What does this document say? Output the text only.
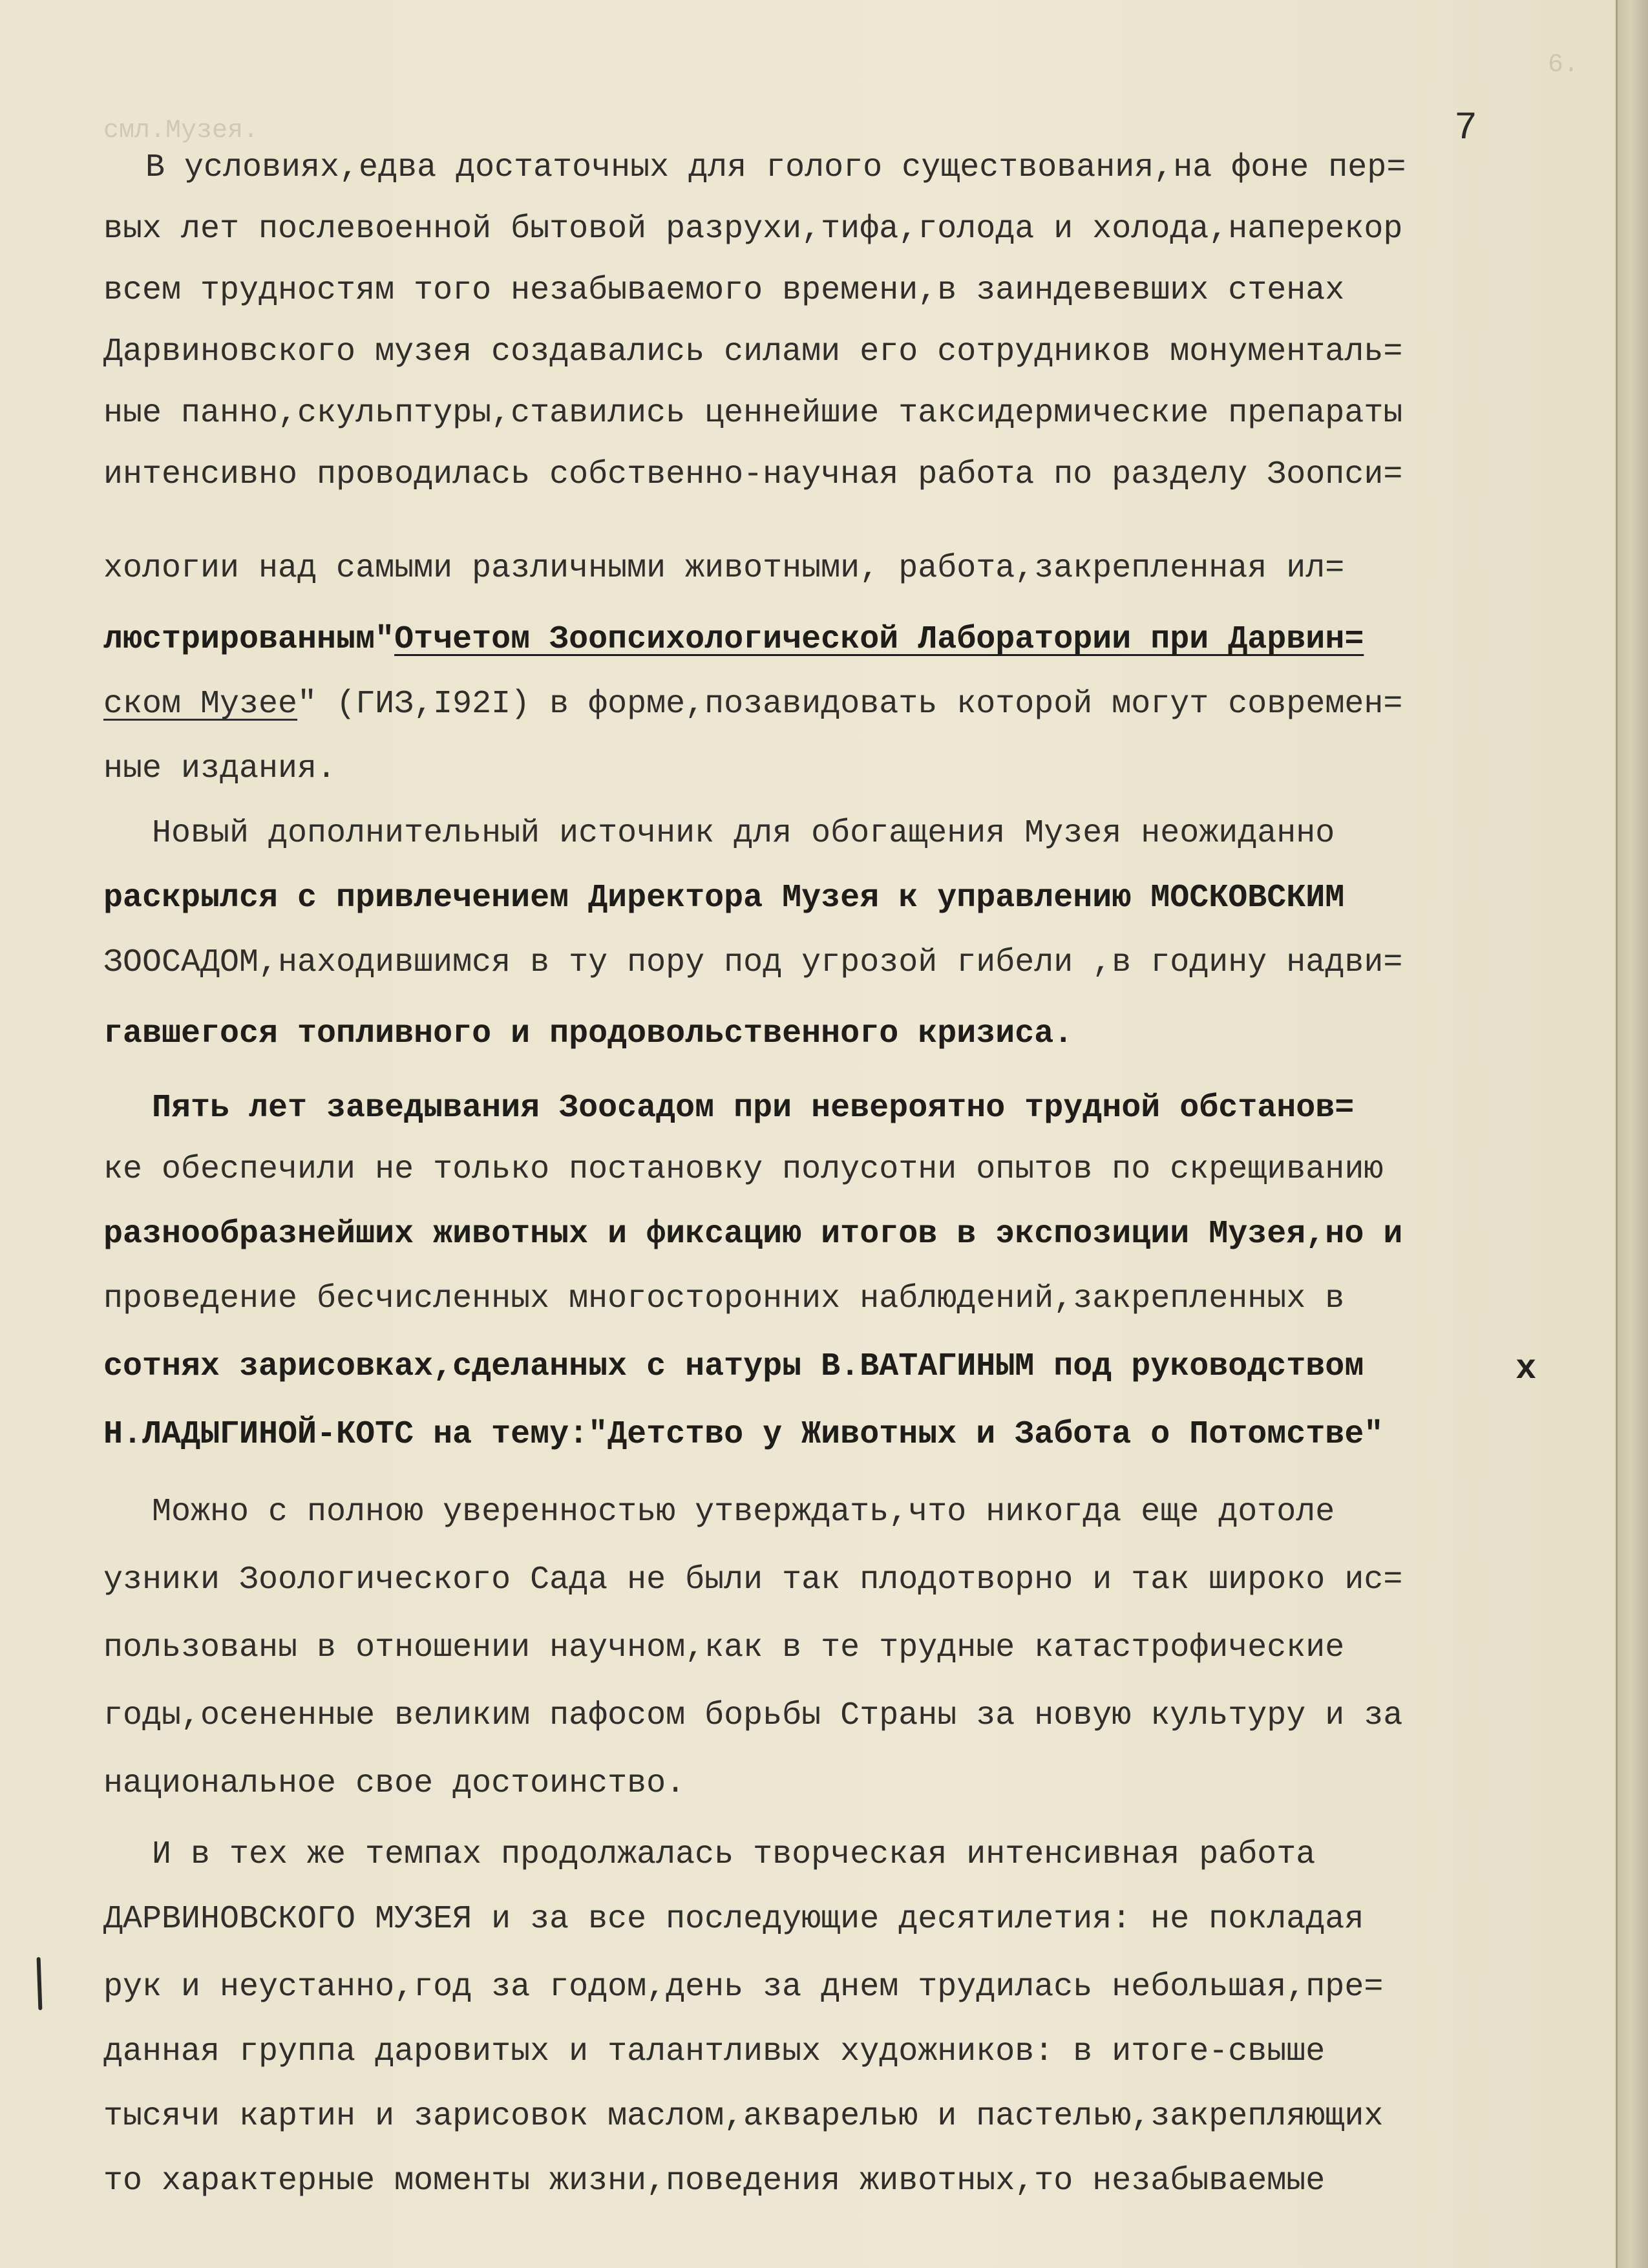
6.
смл.Музея.	7
В условиях,едва достаточных для голого существования,на фоне пер=
вых лет послевоенной бытовой разрухи,тифа,голода и холода,наперекор
всем трудностям того незабываемого времени,в заиндевевших стенах
Дарвиновского музея создавались силами его сотрудников монументаль=
ные панно,скульптуры,ставились ценнейшие таксидермические препараты
интенсивно проводилась собственно-научная работа по разделу Зоопси=
хологии над самыми различными животными, работа,закрепленная ил=
люстрированным"Отчетом Зоопсихологической Лаборатории при Дарвин=
ском Музее" (ГИЗ,I92I) в форме,позавидовать которой могут современ=
ные издания.
Новый дополнительный источник для обогащения Музея неожиданно
раскрылся с привлечением Директора Музея к управлению МОСКОВСКИМ
ЗООСАДОМ,находившимся в ту пору под угрозой гибели ,в годину надви=
гавшегося топливного и продовольственного кризиса.
Пять лет заведывания Зоосадом при невероятно трудной обстанов=
ке обеспечили не только постановку полусотни опытов по скрещиванию
разнообразнейших животных и фиксацию итогов в экспозиции Музея,но и
проведение бесчисленных многосторонних наблюдений,закрепленных в
сотнях зарисовках,сделанных с натуры В.ВАТАГИНЫМ под руководством
Н.ЛАДЫГИНОЙ-КОТС на тему:"Детство у Животных и Забота о Потомстве"
Можно с полною уверенностью утверждать,что никогда еще дотоле
узники Зоологического Сада не были так плодотворно и так широко ис=
пользованы в отношении научном,как в те трудные катастрофические
годы,осененные великим пафосом борьбы Страны за новую культуру и за
национальное свое достоинство.
И в тех же темпах продолжалась творческая интенсивная работа
ДАРВИНОВСКОГО МУЗЕЯ и за все последующие десятилетия: не покладая
рук и неустанно,год за годом,день за днем трудилась небольшая,пре=
данная группа даровитых и талантливых художников: в итоге-свыше
тысячи картин и зарисовок маслом,акварелью и пастелью,закрепляющих
то характерные моменты жизни,поведения животных,то незабываемые
х
